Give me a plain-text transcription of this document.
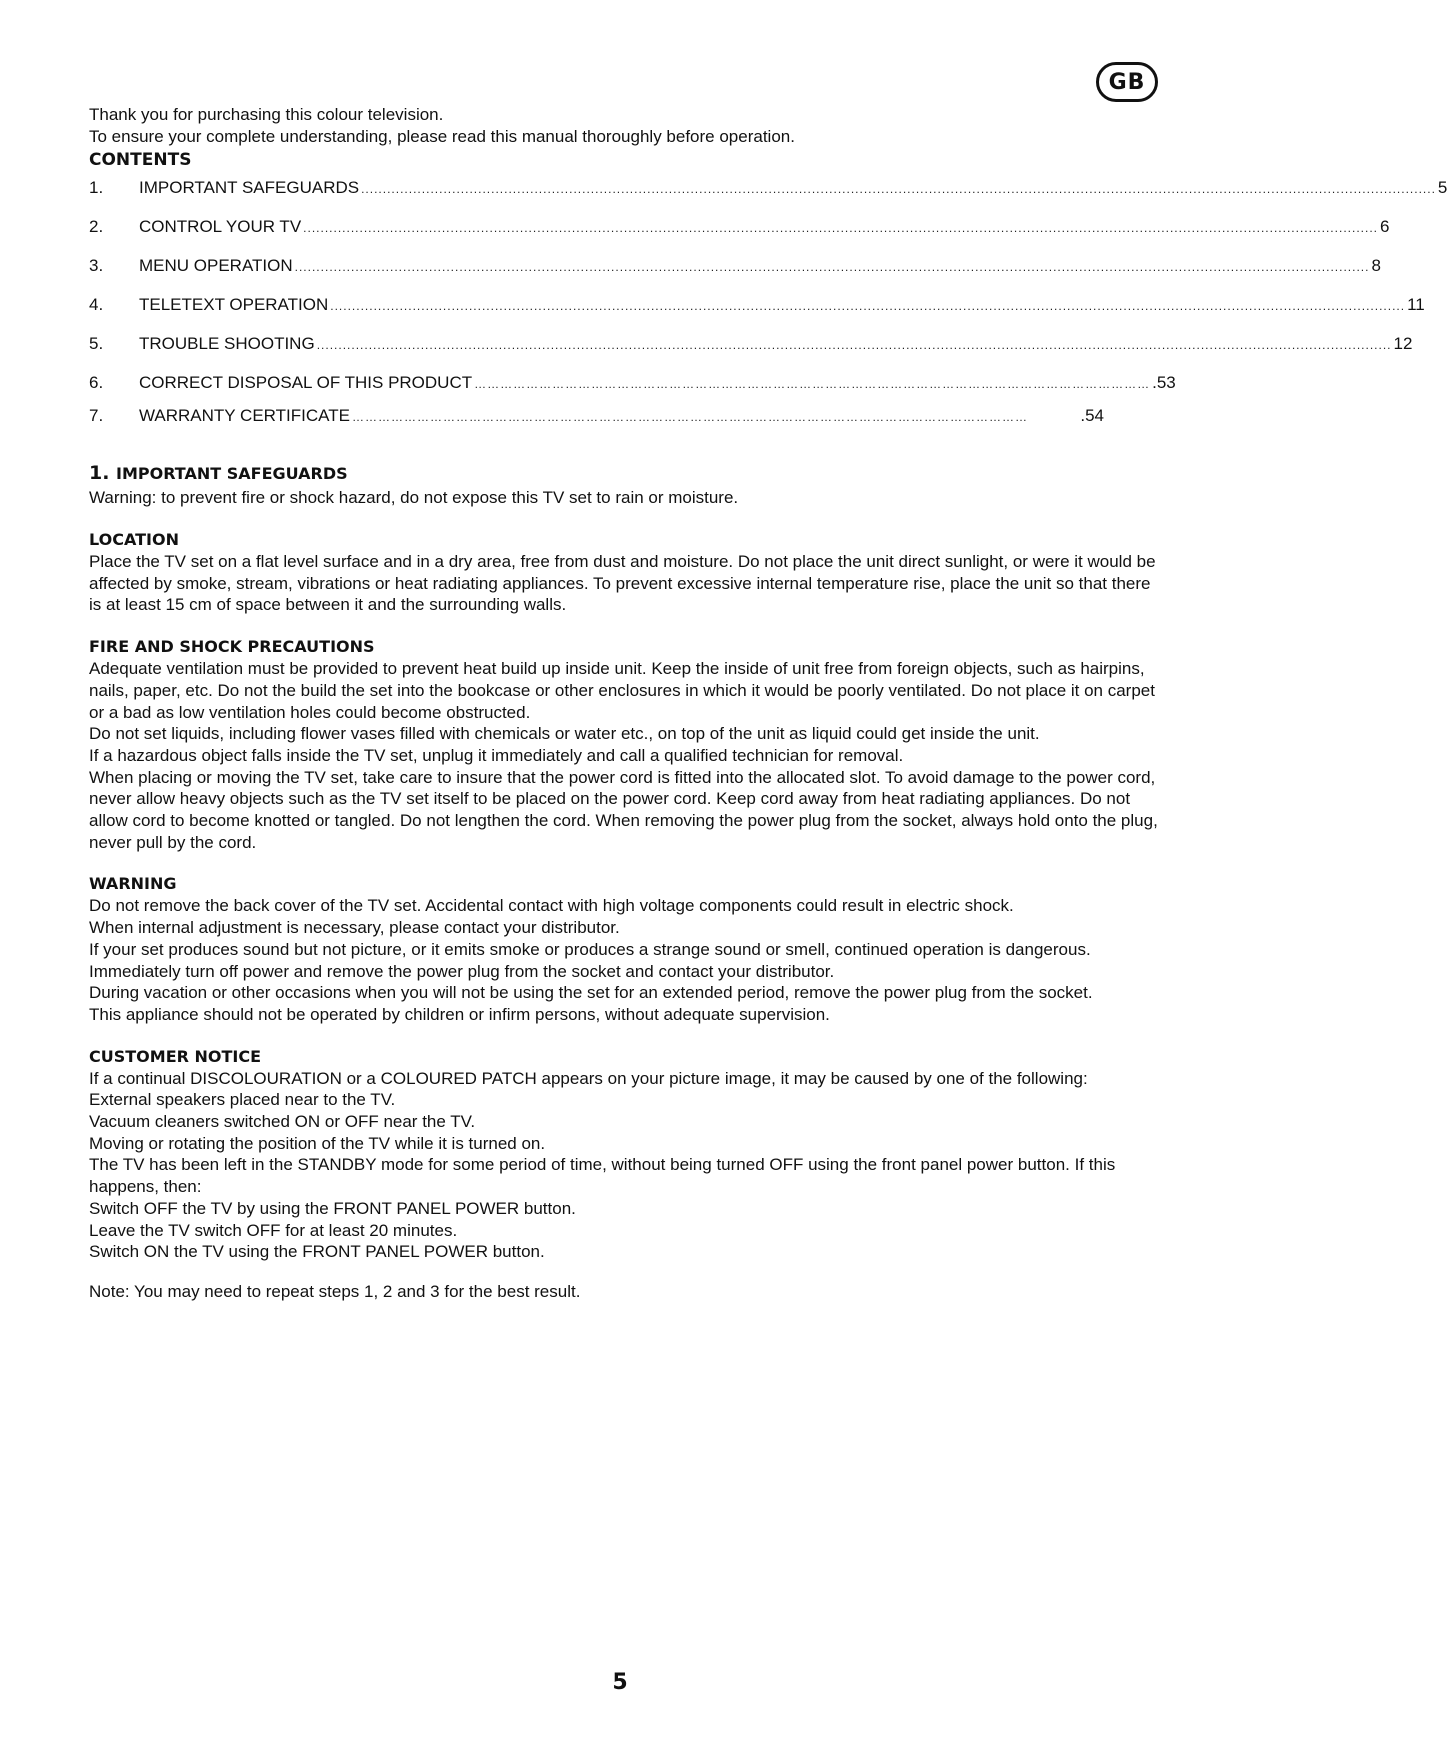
GB

Thank you for purchasing this colour television.

To ensure your complete understanding, please read this manual thoroughly before operation.

CONTENTS
1.	IMPORTANT SAFEGUARDS ........................................................................................................................................................................................................................................................ 5
2.	CONTROL YOUR TV ........................................................................................................................................................................................................................................................ 6
3.	MENU OPERATION ........................................................................................................................................................................................................................................................ 8
4.	TELETEXT OPERATION ........................................................................................................................................................................................................................................................ 11
5.	TROUBLE SHOOTING ........................................................................................................................................................................................................................................................ 12
6.	CORRECT DISPOSAL OF THIS PRODUCT ………………………………………………………………………………………………………………………………………… .53
7.	WARRANTY CERTIFICATE …………………………………………………………………………………………………………………………………………	.54
1. IMPORTANT SAFEGUARDS

Warning: to prevent fire or shock hazard, do not expose this TV set to rain or moisture.

LOCATION

Place the TV set on a flat level surface and in a dry area, free from dust and moisture. Do not place the unit direct sunlight, or were it would be affected by smoke, stream, vibrations or heat radiating appliances. To prevent excessive internal temperature rise, place the unit so that there is at least 15 cm of space between it and the surrounding walls.

FIRE AND SHOCK PRECAUTIONS

Adequate ventilation must be provided to prevent heat build up inside unit. Keep the inside of unit free from foreign objects, such as hairpins, nails, paper, etc. Do not the build the set into the bookcase or other enclosures in which it would be poorly ventilated. Do not place it on carpet or a bad as low ventilation holes could become obstructed.

Do not set liquids, including flower vases filled with chemicals or water etc., on top of the unit as liquid could get inside the unit.

If a hazardous object falls inside the TV set, unplug it immediately and call a qualified technician for removal.

When placing or moving the TV set, take care to insure that the power cord is fitted into the allocated slot. To avoid damage to the power cord, never allow heavy objects such as the TV set itself to be placed on the power cord. Keep cord away from heat radiating appliances. Do not allow cord to become knotted or tangled. Do not lengthen the cord. When removing the power plug from the socket, always hold onto the plug, never pull by the cord.

WARNING

Do not remove the back cover of the TV set. Accidental contact with high voltage components could result in electric shock.

When internal adjustment is necessary, please contact your distributor.

If your set produces sound but not picture, or it emits smoke or produces a strange sound or smell, continued operation is dangerous. Immediately turn off power and remove the power plug from the socket and contact your distributor.

During vacation or other occasions when you will not be using the set for an extended period, remove the power plug from the socket.

This appliance should not be operated by children or infirm persons, without adequate supervision.

CUSTOMER NOTICE

If a continual DISCOLOURATION or a COLOURED PATCH appears on your picture image, it may be caused by one of the following:

External speakers placed near to the TV.

Vacuum cleaners switched ON or OFF near the TV.

Moving or rotating the position of the TV while it is turned on.

The TV has been left in the STANDBY mode for some period of time, without being turned OFF using the front panel power button. If this happens, then:

Switch OFF the TV by using the FRONT PANEL POWER button.

Leave the TV switch OFF for at least 20 minutes.

Switch ON the TV using the FRONT PANEL POWER button.

Note: You may need to repeat steps 1, 2 and 3 for the best result.

5
